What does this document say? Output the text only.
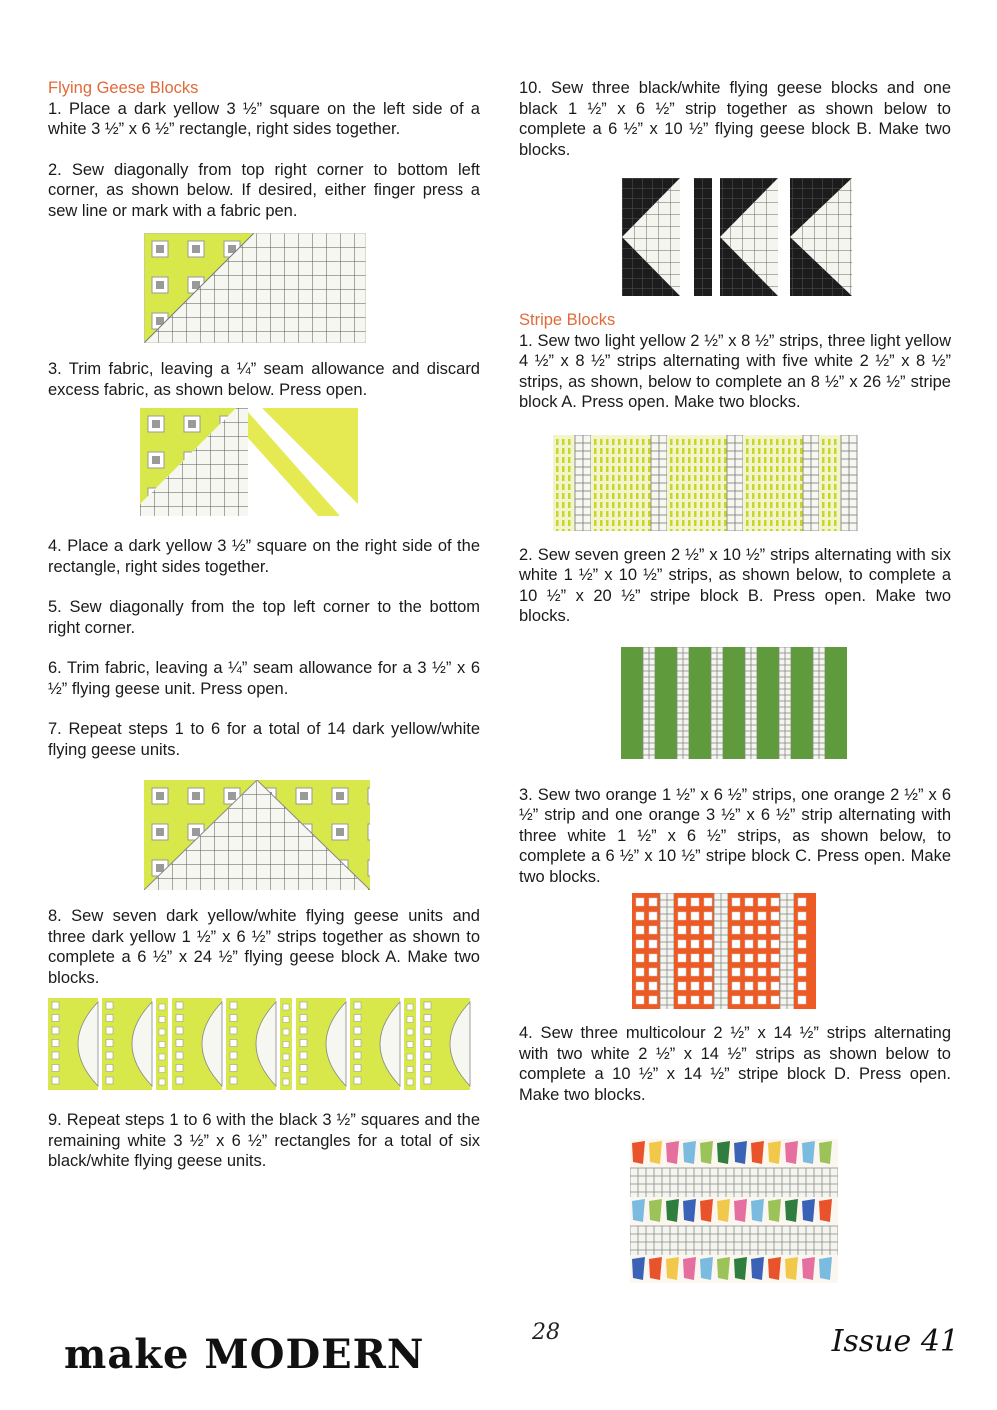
Flying Geese Blocks

1. Place a dark yellow 3 ½” square on the left side of a white 3 ½” x 6 ½” rectangle, right sides together.

2. Sew diagonally from top right corner to bottom left corner, as shown below. If desired, either finger press a sew line or mark with a fabric pen.

3. Trim fabric, leaving a ¼” seam allowance and discard excess fabric, as shown below. Press open.

4. Place a dark yellow 3 ½” square on the right side of the rectangle, right sides together.

5. Sew diagonally from the top left corner to the bottom right corner.

6. Trim fabric, leaving a ¼” seam allowance for a 3 ½” x 6 ½” flying geese unit. Press open.

7. Repeat steps 1 to 6 for a total of 14 dark yellow/white flying geese units.

8. Sew seven dark yellow/white flying geese units and three dark yellow 1 ½” x 6 ½” strips together as shown to complete a 6 ½” x 24 ½” flying geese block A. Make two blocks.

9. Repeat steps 1 to 6 with the black 3 ½” squares and the remaining white 3 ½” x 6 ½” rectangles for a total of six black/white flying geese units.

10. Sew three black/white flying geese blocks and one black 1 ½” x 6 ½” strip together as shown below to complete a 6 ½” x 10 ½” flying geese block B. Make two blocks.

Stripe Blocks

1. Sew two light yellow 2 ½” x 8 ½” strips, three light yellow 4 ½” x 8 ½” strips alternating with five white 2 ½” x 8 ½” strips, as shown, below to complete an 8 ½” x 26 ½” stripe block A. Press open. Make two blocks.

2. Sew seven green 2 ½” x 10 ½” strips alternating with six white 1 ½” x 10 ½” strips, as shown below, to complete a 10 ½” x 20 ½” stripe block B. Press open. Make two blocks.

3. Sew two orange 1 ½” x 6 ½” strips, one orange 2 ½” x 6 ½” strip and one orange 3 ½” x 6 ½” strip alternating with three white 1 ½” x 6 ½” strips, as shown below, to complete a 6 ½” x 10 ½” stripe block C. Press open. Make two blocks.

4. Sew three multicolour 2 ½” x 14 ½” strips alternating with two white 2 ½” x 14 ½” strips as shown below to complete a 10 ½” x 14 ½” stripe block D. Press open. Make two blocks.

make MODERN	28	Issue 41
